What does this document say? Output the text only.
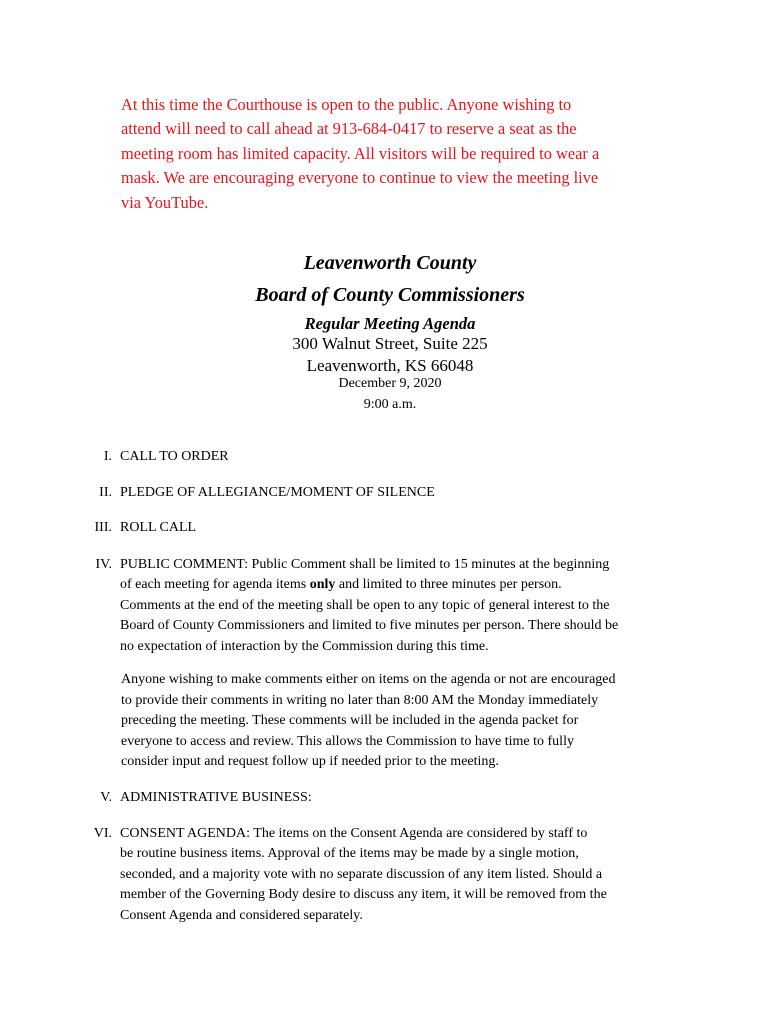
At this time the Courthouse is open to the public. Anyone wishing to
attend will need to call ahead at 913-684-0417 to reserve a seat as the
meeting room has limited capacity. All visitors will be required to wear a
mask. We are encouraging everyone to continue to view the meeting live
via YouTube.
Leavenworth County
Board of County Commissioners
Regular Meeting Agenda
300 Walnut Street, Suite 225
Leavenworth, KS 66048
December 9, 2020
9:00 a.m.
I. CALL TO ORDER
II. PLEDGE OF ALLEGIANCE/MOMENT OF SILENCE
III. ROLL CALL
IV. PUBLIC COMMENT: Public Comment shall be limited to 15 minutes at the beginning
of each meeting for agenda items only and limited to three minutes per person.
Comments at the end of the meeting shall be open to any topic of general interest to the
Board of County Commissioners and limited to five minutes per person. There should be
no expectation of interaction by the Commission during this time.
Anyone wishing to make comments either on items on the agenda or not are encouraged
to provide their comments in writing no later than 8:00 AM the Monday immediately
preceding the meeting. These comments will be included in the agenda packet for
everyone to access and review. This allows the Commission to have time to fully
consider input and request follow up if needed prior to the meeting.
V. ADMINISTRATIVE BUSINESS:
VI. CONSENT AGENDA: The items on the Consent Agenda are considered by staff to
be routine business items. Approval of the items may be made by a single motion,
seconded, and a majority vote with no separate discussion of any item listed. Should a
member of the Governing Body desire to discuss any item, it will be removed from the
Consent Agenda and considered separately.
